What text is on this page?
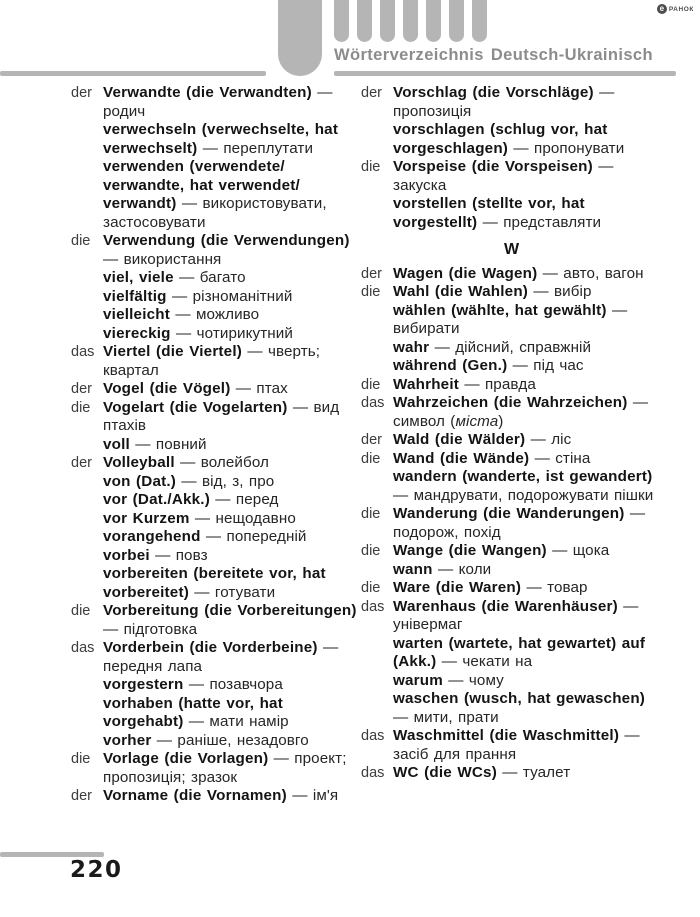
Wörterverzeichnis Deutsch-Ukrainisch
e РАНОК
der Verwandte (die Verwandten) — родич

verwechseln (verwechselte, hat verwechselt) — переплутати

verwenden (verwendete/ verwandte, hat verwendet/ verwandt) — використовувати, застосовувати

die Verwendung (die Verwendungen) — використання

viel, viele — багато

vielfältig — різноманітний

vielleicht — можливо

viereckig — чотирикутний

das Viertel (die Viertel) — чверть; квартал

der Vogel (die Vögel) — птах

die Vogelart (die Vogelarten) — вид птахів

voll — повний

der Volleyball — волейбол

von (Dat.) — від, з, про

vor (Dat./Akk.) — перед

vor Kurzem — нещодавно

vorangehend — попередній

vorbei — повз

vorbereiten (bereitete vor, hat vorbereitet) — готувати

die Vorbereitung (die Vorbereitungen) — підготовка

das Vorderbein (die Vorderbeine) — передня лапа

vorgestern — позавчора

vorhaben (hatte vor, hat vorgehabt) — мати намір

vorher — раніше, незадовго

die Vorlage (die Vorlagen) — проект; пропозиція; зразок

der Vorname (die Vornamen) — ім'я

der Vorschlag (die Vorschläge) — пропозиція

vorschlagen (schlug vor, hat vorgeschlagen) — пропонувати

die Vorspeise (die Vorspeisen) — закуска

vorstellen (stellte vor, hat vorgestellt) — представляти

W
der Wagen (die Wagen) — авто, вагон

die Wahl (die Wahlen) — вибір

wählen (wählte, hat gewählt) — вибирати

wahr — дійсний, справжній

während (Gen.) — під час

die Wahrheit — правда

das Wahrzeichen (die Wahrzeichen) — символ (міста)

der Wald (die Wälder) — ліс

die Wand (die Wände) — стіна

wandern (wanderte, ist gewandert) — мандрувати, подорожувати пішки

die Wanderung (die Wanderungen) — подорож, похід

die Wange (die Wangen) — щока

wann — коли

die Ware (die Waren) — товар

das Warenhaus (die Warenhäuser) — універмаг

warten (wartete, hat gewartet) auf (Akk.) — чекати на

warum — чому

waschen (wusch, hat gewaschen) — мити, прати

das Waschmittel (die Waschmittel) — засіб для прання

das WC (die WCs) — туалет

220
